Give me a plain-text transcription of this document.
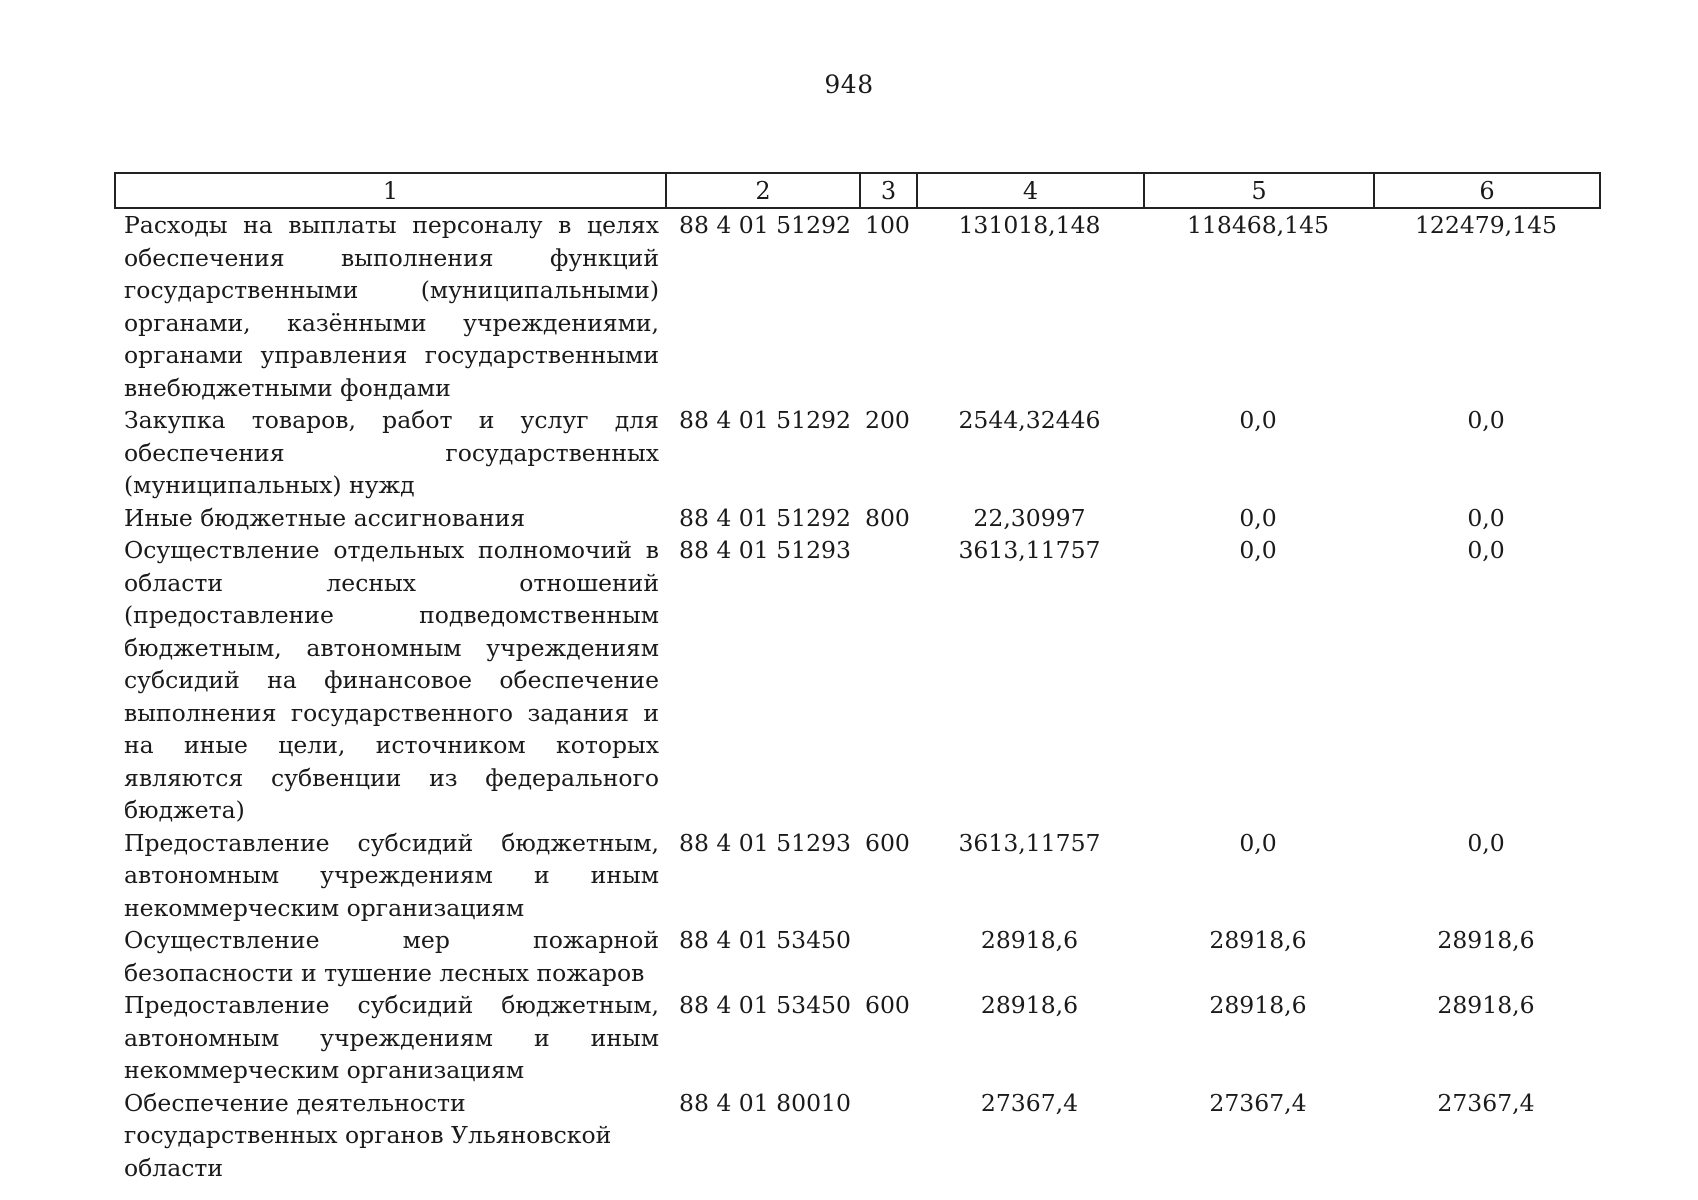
948
1	2	3	4	5	6
Расходы на выплаты персоналу в целях обеспечения выполнения функций государственными (муниципальными) органами, казёнными учреждениями, органами управления государственными внебюджетными фондами	88 4 01 51292	100	131018,148	118468,145	122479,145
Закупка товаров, работ и услуг для обеспечения государственных (муниципальных) нужд	88 4 01 51292	200	2544,32446	0,0	0,0
Иные бюджетные ассигнования	88 4 01 51292	800	22,30997	0,0	0,0
Осуществление отдельных полномочий в области лесных отношений (предоставление подведомственным бюджетным, автономным учреждениям субсидий на финансовое обеспечение выполнения государственного задания и на иные цели, источником которых являются субвенции из федерального бюджета)	88 4 01 51293		3613,11757	0,0	0,0
Предоставление субсидий бюджетным, автономным учреждениям и иным некоммерческим организациям	88 4 01 51293	600	3613,11757	0,0	0,0
Осуществление мер пожарной безопасности и тушение лесных пожаров	88 4 01 53450		28918,6	28918,6	28918,6
Предоставление субсидий бюджетным, автономным учреждениям и иным некоммерческим организациям	88 4 01 53450	600	28918,6	28918,6	28918,6
Обеспечение деятельности государственных органов Ульяновской области	88 4 01 80010		27367,4	27367,4	27367,4
